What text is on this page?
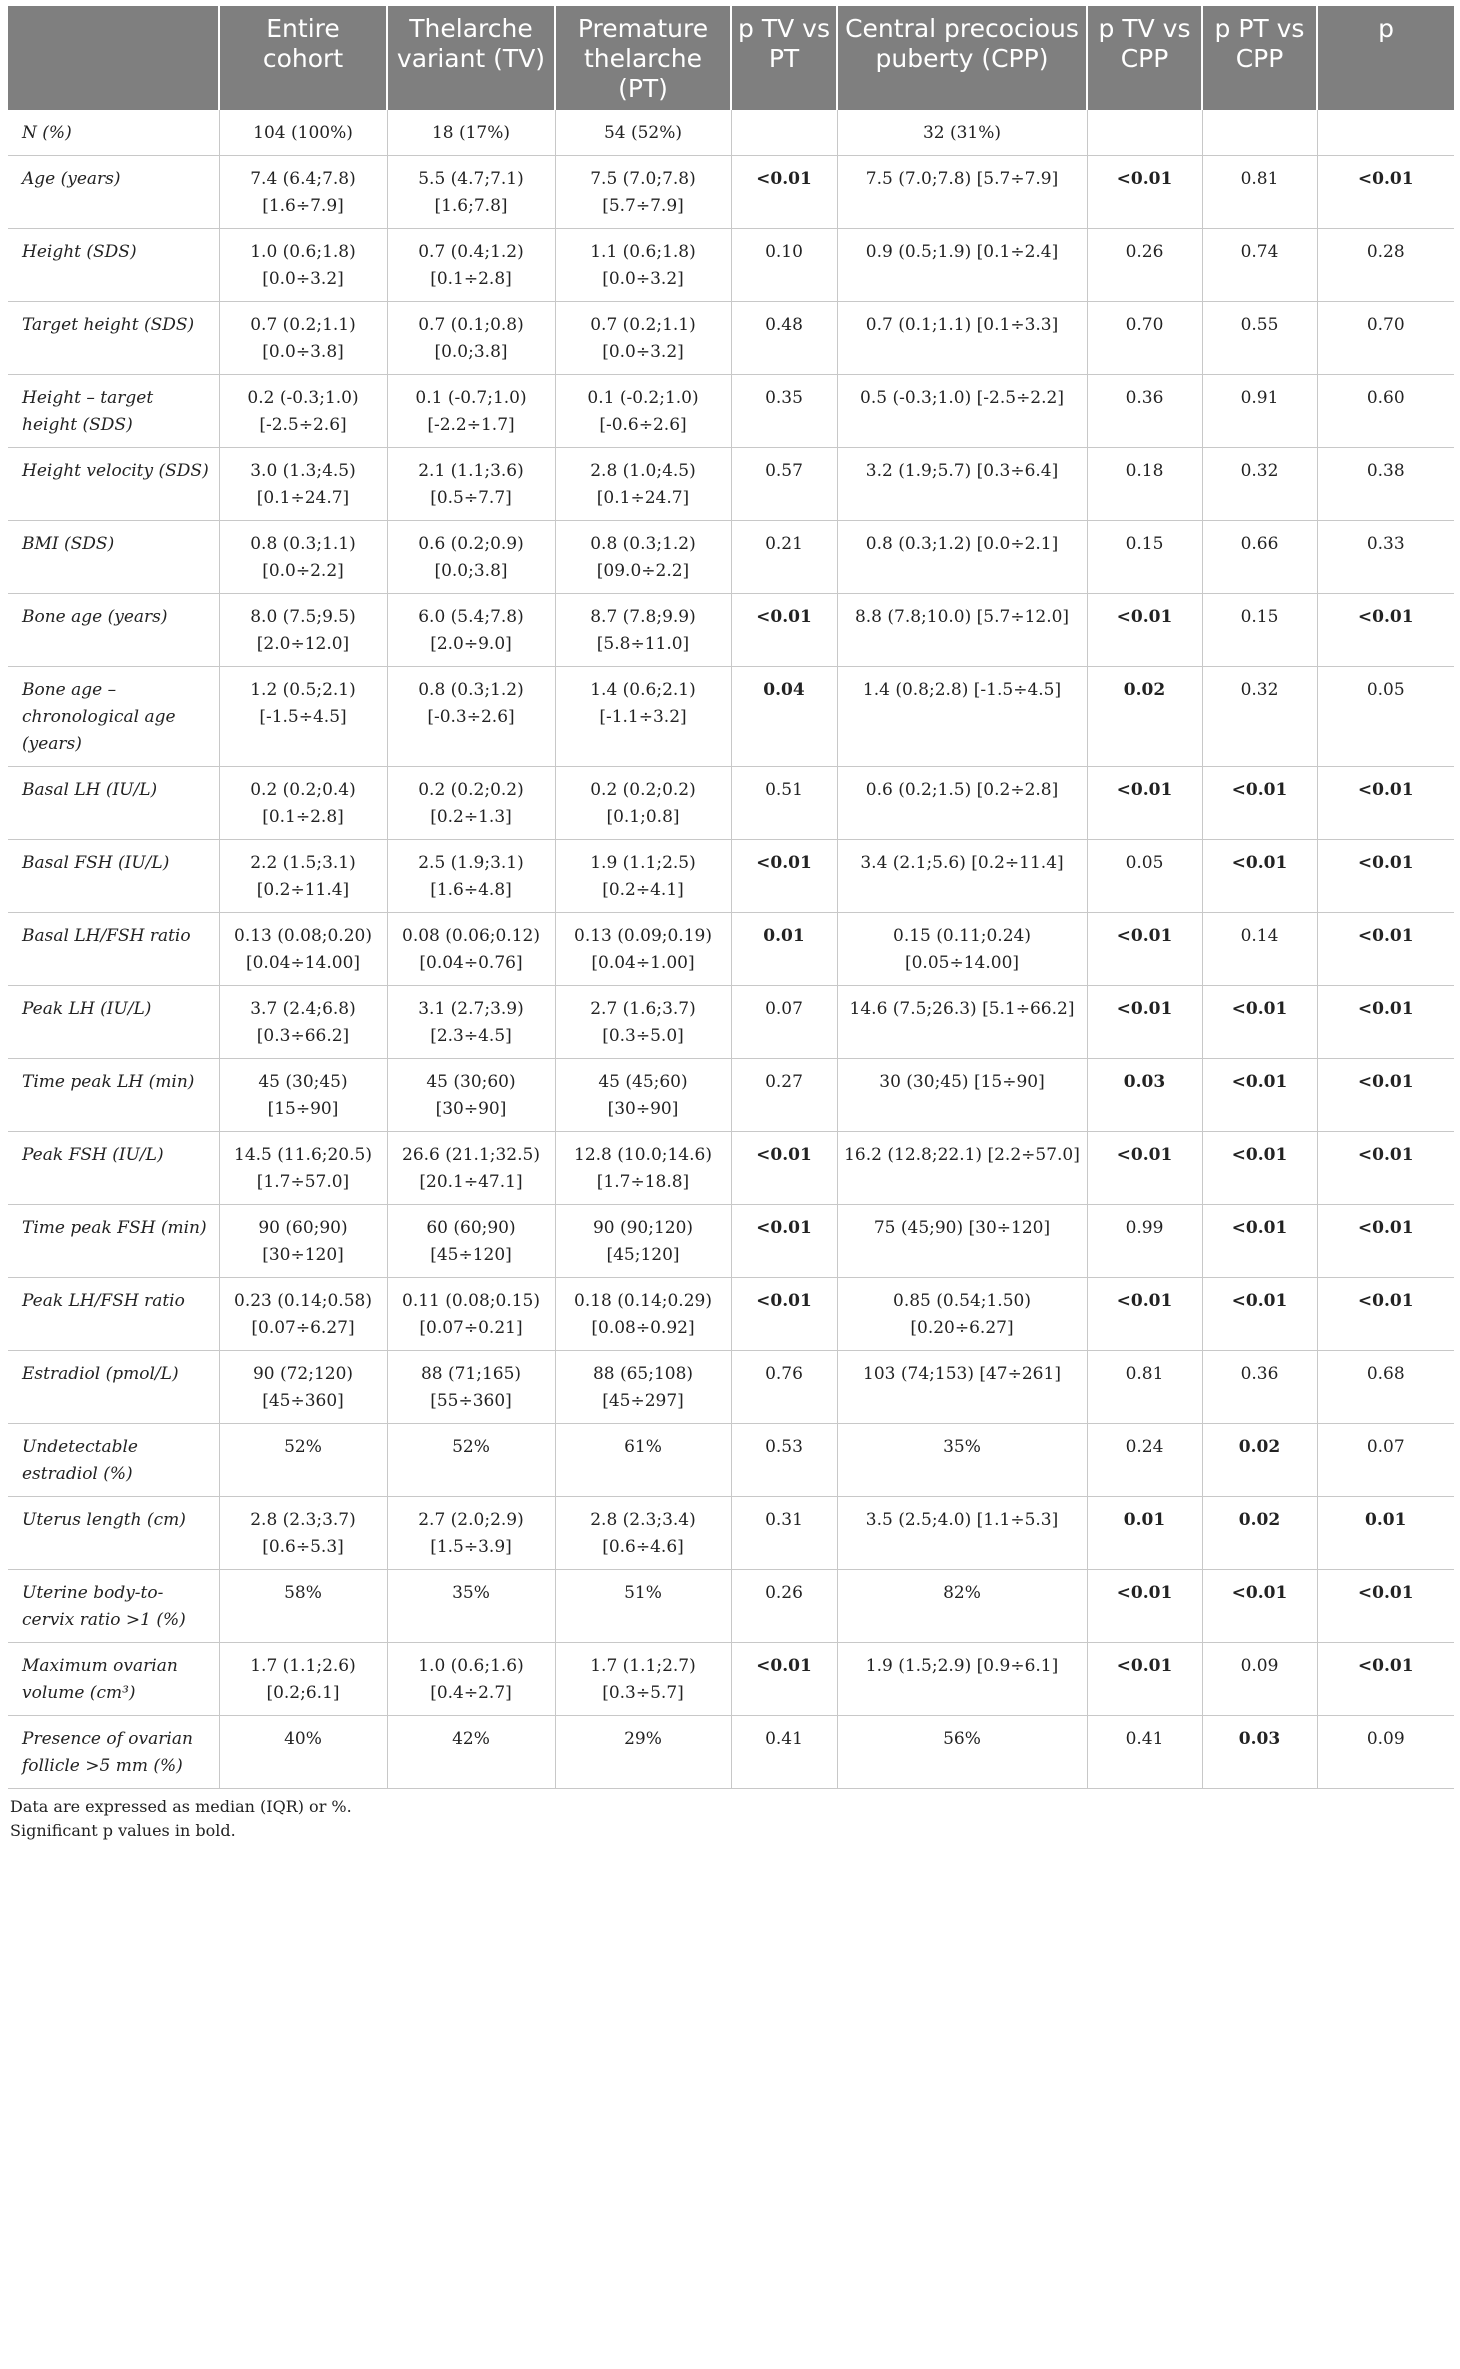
	Entire cohort	Thelarche variant (TV)	Premature thelarche (PT)	p TV vs PT	Central precocious puberty (CPP)	p TV vs CPP	p PT vs CPP	p
N (%)	104 (100%)	18 (17%)	54 (52%)		32 (31%)			
Age (years)	7.4 (6.4;7.8) [1.6÷7.9]	5.5 (4.7;7.1) [1.6;7.8]	7.5 (7.0;7.8) [5.7÷7.9]	<0.01	7.5 (7.0;7.8) [5.7÷7.9]	<0.01	0.81	<0.01
Height (SDS)	1.0 (0.6;1.8) [0.0÷3.2]	0.7 (0.4;1.2) [0.1÷2.8]	1.1 (0.6;1.8) [0.0÷3.2]	0.10	0.9 (0.5;1.9) [0.1÷2.4]	0.26	0.74	0.28
Target height (SDS)	0.7 (0.2;1.1) [0.0÷3.8]	0.7 (0.1;0.8) [0.0;3.8]	0.7 (0.2;1.1) [0.0÷3.2]	0.48	0.7 (0.1;1.1) [0.1÷3.3]	0.70	0.55	0.70
Height – target height (SDS)	0.2 (-0.3;1.0) [-2.5÷2.6]	0.1 (-0.7;1.0) [-2.2÷1.7]	0.1 (-0.2;1.0) [-0.6÷2.6]	0.35	0.5 (-0.3;1.0) [-2.5÷2.2]	0.36	0.91	0.60
Height velocity (SDS)	3.0 (1.3;4.5) [0.1÷24.7]	2.1 (1.1;3.6) [0.5÷7.7]	2.8 (1.0;4.5) [0.1÷24.7]	0.57	3.2 (1.9;5.7) [0.3÷6.4]	0.18	0.32	0.38
BMI (SDS)	0.8 (0.3;1.1) [0.0÷2.2]	0.6 (0.2;0.9) [0.0;3.8]	0.8 (0.3;1.2) [09.0÷2.2]	0.21	0.8 (0.3;1.2) [0.0÷2.1]	0.15	0.66	0.33
Bone age (years)	8.0 (7.5;9.5) [2.0÷12.0]	6.0 (5.4;7.8) [2.0÷9.0]	8.7 (7.8;9.9) [5.8÷11.0]	<0.01	8.8 (7.8;10.0) [5.7÷12.0]	<0.01	0.15	<0.01
Bone age – chronological age (years)	1.2 (0.5;2.1) [-1.5÷4.5]	0.8 (0.3;1.2) [-0.3÷2.6]	1.4 (0.6;2.1) [-1.1÷3.2]	0.04	1.4 (0.8;2.8) [-1.5÷4.5]	0.02	0.32	0.05
Basal LH (IU/L)	0.2 (0.2;0.4) [0.1÷2.8]	0.2 (0.2;0.2) [0.2÷1.3]	0.2 (0.2;0.2) [0.1;0.8]	0.51	0.6 (0.2;1.5) [0.2÷2.8]	<0.01	<0.01	<0.01
Basal FSH (IU/L)	2.2 (1.5;3.1) [0.2÷11.4]	2.5 (1.9;3.1) [1.6÷4.8]	1.9 (1.1;2.5) [0.2÷4.1]	<0.01	3.4 (2.1;5.6) [0.2÷11.4]	0.05	<0.01	<0.01
Basal LH/FSH ratio	0.13 (0.08;0.20) [0.04÷14.00]	0.08 (0.06;0.12) [0.04÷0.76]	0.13 (0.09;0.19) [0.04÷1.00]	0.01	0.15 (0.11;0.24) [0.05÷14.00]	<0.01	0.14	<0.01
Peak LH (IU/L)	3.7 (2.4;6.8) [0.3÷66.2]	3.1 (2.7;3.9) [2.3÷4.5]	2.7 (1.6;3.7) [0.3÷5.0]	0.07	14.6 (7.5;26.3) [5.1÷66.2]	<0.01	<0.01	<0.01
Time peak LH (min)	45 (30;45) [15÷90]	45 (30;60) [30÷90]	45 (45;60) [30÷90]	0.27	30 (30;45) [15÷90]	0.03	<0.01	<0.01
Peak FSH (IU/L)	14.5 (11.6;20.5) [1.7÷57.0]	26.6 (21.1;32.5) [20.1÷47.1]	12.8 (10.0;14.6) [1.7÷18.8]	<0.01	16.2 (12.8;22.1) [2.2÷57.0]	<0.01	<0.01	<0.01
Time peak FSH (min)	90 (60;90) [30÷120]	60 (60;90) [45÷120]	90 (90;120) [45;120]	<0.01	75 (45;90) [30÷120]	0.99	<0.01	<0.01
Peak LH/FSH ratio	0.23 (0.14;0.58) [0.07÷6.27]	0.11 (0.08;0.15) [0.07÷0.21]	0.18 (0.14;0.29) [0.08÷0.92]	<0.01	0.85 (0.54;1.50) [0.20÷6.27]	<0.01	<0.01	<0.01
Estradiol (pmol/L)	90 (72;120) [45÷360]	88 (71;165) [55÷360]	88 (65;108) [45÷297]	0.76	103 (74;153) [47÷261]	0.81	0.36	0.68
Undetectable estradiol (%)	52%	52%	61%	0.53	35%	0.24	0.02	0.07
Uterus length (cm)	2.8 (2.3;3.7) [0.6÷5.3]	2.7 (2.0;2.9) [1.5÷3.9]	2.8 (2.3;3.4) [0.6÷4.6]	0.31	3.5 (2.5;4.0) [1.1÷5.3]	0.01	0.02	0.01
Uterine body-to-cervix ratio >1 (%)	58%	35%	51%	0.26	82%	<0.01	<0.01	<0.01
Maximum ovarian volume (cm³)	1.7 (1.1;2.6) [0.2;6.1]	1.0 (0.6;1.6) [0.4÷2.7]	1.7 (1.1;2.7) [0.3÷5.7]	<0.01	1.9 (1.5;2.9) [0.9÷6.1]	<0.01	0.09	<0.01
Presence of ovarian follicle >5 mm (%)	40%	42%	29%	0.41	56%	0.41	0.03	0.09
Data are expressed as median (IQR) or %.
Significant p values in bold.
